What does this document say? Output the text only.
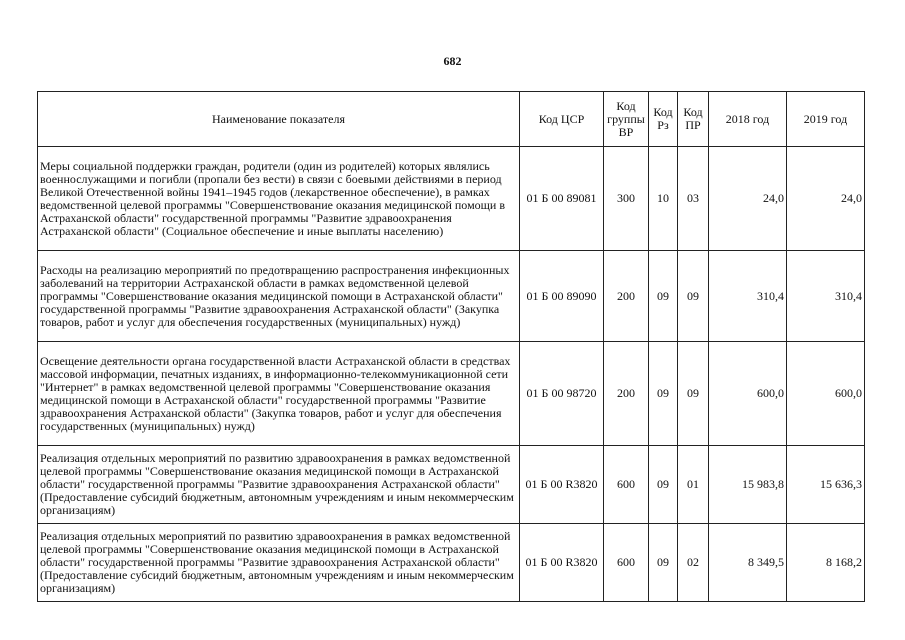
682
Наименование показателя	Код ЦСР	Код группы ВР	Код Рз	Код ПР	2018 год	2019 год
Меры социальной поддержки граждан, родители (один из родителей) которых являлись военнослужащими и погибли (пропали без вести) в связи с боевыми действиями в период Великой Отечественной войны 1941–1945 годов (лекарственное обеспечение), в рамках ведомственной целевой программы "Совершенствование оказания медицинской помощи в Астраханской области" государственной программы "Развитие здравоохранения Астраханской области" (Социальное обеспечение и иные выплаты населению)	01 Б 00 89081	300	10	03	24,0	24,0
Расходы на реализацию мероприятий по предотвращению распространения инфекционных заболеваний на территории Астраханской области в рамках ведомственной целевой программы "Совершенствование оказания медицинской помощи в Астраханской области" государственной программы "Развитие здравоохранения Астраханской области" (Закупка товаров, работ и услуг для обеспечения государственных (муниципальных) нужд)	01 Б 00 89090	200	09	09	310,4	310,4
Освещение деятельности органа государственной власти Астраханской области в средствах массовой информации, печатных изданиях, в информационно-телекоммуникационной сети "Интернет" в рамках ведомственной целевой программы "Совершенствование оказания медицинской помощи в Астраханской области" государственной программы "Развитие здравоохранения Астраханской области" (Закупка товаров, работ и услуг для обеспечения государственных (муниципальных) нужд)	01 Б 00 98720	200	09	09	600,0	600,0
Реализация отдельных мероприятий по развитию здравоохранения в рамках ведомственной целевой программы "Совершенствование оказания медицинской помощи в Астраханской области" государственной программы "Развитие здравоохранения Астраханской области" (Предоставление субсидий бюджетным, автономным учреждениям и иным некоммерческим организациям)	01 Б 00 R3820	600	09	01	15 983,8	15 636,3
Реализация отдельных мероприятий по развитию здравоохранения в рамках ведомственной целевой программы "Совершенствование оказания медицинской помощи в Астраханской области" государственной программы "Развитие здравоохранения Астраханской области" (Предоставление субсидий бюджетным, автономным учреждениям и иным некоммерческим организациям)	01 Б 00 R3820	600	09	02	8 349,5	8 168,2
